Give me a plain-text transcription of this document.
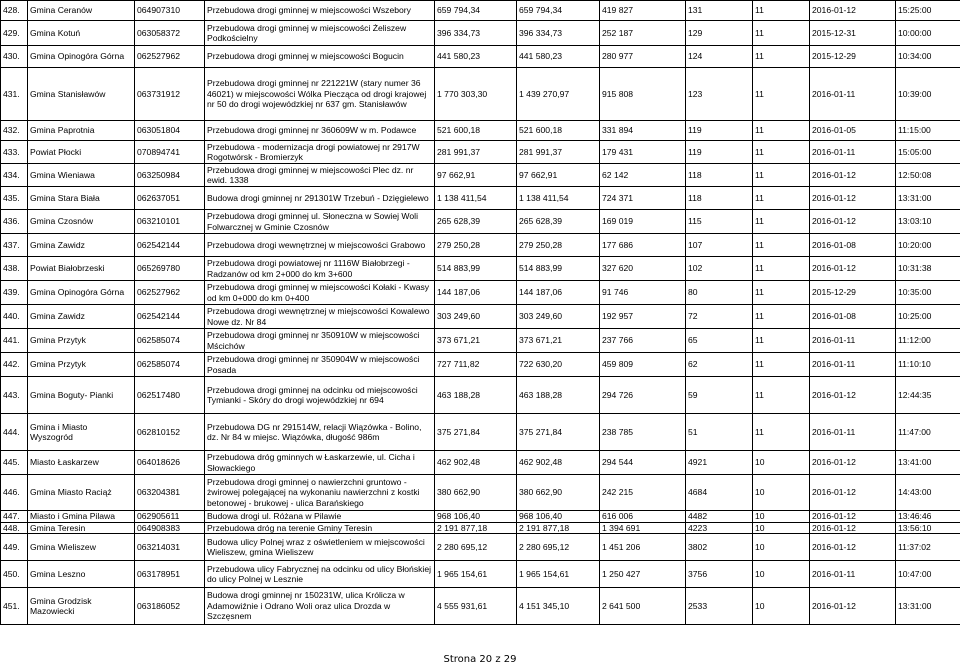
428.	Gmina Ceranów	064907310	Przebudowa drogi gminnej w miejscowości Wszebory	659 794,34	659 794,34	419 827	131	11	2016-01-12	15:25:00
429.	Gmina Kotuń	063058372	Przebudowa drogi gminnej w miejscowości Żeliszew Podkościelny	396 334,73	396 334,73	252 187	129	11	2015-12-31	10:00:00
430.	Gmina Opinogóra Górna	062527962	Przebudowa drogi gminnej w miejscowości Bogucin	441 580,23	441 580,23	280 977	124	11	2015-12-29	10:34:00
431.	Gmina Stanisławów	063731912	Przebudowa drogi gminnej nr 221221W (stary numer 36 46021) w miejscowości Wólka Piecząca od drogi krajowej nr 50 do drogi wojewódzkiej nr 637 gm. Stanisławów	1 770 303,30	1 439 270,97	915 808	123	11	2016-01-11	10:39:00
432.	Gmina Paprotnia	063051804	Przebudowa drogi gminnej nr 360609W w m. Podawce	521 600,18	521 600,18	331 894	119	11	2016-01-05	11:15:00
433.	Powiat Płocki	070894741	Przebudowa - modernizacja drogi powiatowej nr 2917W Rogotwórsk - Bromierzyk	281 991,37	281 991,37	179 431	119	11	2016-01-11	15:05:00
434.	Gmina Wieniawa	063250984	Przebudowa drogi gminnej w miejscowości Plec dz. nr ewid. 1338	97 662,91	97 662,91	62 142	118	11	2016-01-12	12:50:08
435.	Gmina Stara Biała	062637051	Budowa drogi gminnej nr 291301W Trzebuń - Dzięgielewo	1 138 411,54	1 138 411,54	724 371	118	11	2016-01-12	13:31:00
436.	Gmina Czosnów	063210101	Przebudowa drogi gminnej ul. Słoneczna w Sowiej Woli Folwarcznej w Gminie Czosnów	265 628,39	265 628,39	169 019	115	11	2016-01-12	13:03:10
437.	Gmina Zawidz	062542144	Przebudowa drogi wewnętrznej w miejscowości Grabowo	279 250,28	279 250,28	177 686	107	11	2016-01-08	10:20:00
438.	Powiat Białobrzeski	065269780	Przebudowa drogi powiatowej nr 1116W Białobrzegi - Radzanów od km 2+000 do km 3+600	514 883,99	514 883,99	327 620	102	11	2016-01-12	10:31:38
439.	Gmina Opinogóra Górna	062527962	Przebudowa drogi gminnej w miejscowości Kołaki - Kwasy od km 0+000 do km 0+400	144 187,06	144 187,06	91 746	80	11	2015-12-29	10:35:00
440.	Gmina Zawidz	062542144	Przebudowa drogi wewnętrznej w miejscowości Kowalewo Nowe dz. Nr 84	303 249,60	303 249,60	192 957	72	11	2016-01-08	10:25:00
441.	Gmina Przytyk	062585074	Przebudowa drogi gminnej nr 350910W w miejscowości Mścichów	373 671,21	373 671,21	237 766	65	11	2016-01-11	11:12:00
442.	Gmina Przytyk	062585074	Przebudowa drogi gminnej nr 350904W w miejscowości Posada	727 711,82	722 630,20	459 809	62	11	2016-01-11	11:10:10
443.	Gmina Boguty- Pianki	062517480	Przebudowa drogi gminnej na odcinku od miejscowości Tymianki - Skóry do drogi wojewódzkiej nr 694	463 188,28	463 188,28	294 726	59	11	2016-01-12	12:44:35
444.	Gmina i Miasto Wyszogród	062810152	Przebudowa DG nr 291514W, relacji Wiązówka - Bolino, dz. Nr 84 w miejsc. Wiązówka, długość 986m	375 271,84	375 271,84	238 785	51	11	2016-01-11	11:47:00
445.	Miasto Łaskarzew	064018626	Przebudowa dróg gminnych w Łaskarzewie, ul. Cicha i Słowackiego	462 902,48	462 902,48	294 544	4921	10	2016-01-12	13:41:00
446.	Gmina Miasto Raciąż	063204381	Przebudowa drogi gminnej o nawierzchni gruntowo - żwirowej polegającej na wykonaniu nawierzchni z kostki betonowej - brukowej - ulica Barańskiego	380 662,90	380 662,90	242 215	4684	10	2016-01-12	14:43:00
447.	Miasto i Gmina Pilawa	062905611	Budowa drogi ul. Różana w Pilawie	968 106,40	968 106,40	616 006	4482	10	2016-01-12	13:46:46
448.	Gmina Teresin	064908383	Przebudowa dróg na terenie Gminy Teresin	2 191 877,18	2 191 877,18	1 394 691	4223	10	2016-01-12	13:56:10
449.	Gmina Wieliszew	063214031	Budowa ulicy Polnej wraz z oświetleniem w miejscowości Wieliszew, gmina Wieliszew	2 280 695,12	2 280 695,12	1 451 206	3802	10	2016-01-12	11:37:02
450.	Gmina Leszno	063178951	Przebudowa ulicy Fabrycznej na odcinku od ulicy Błońskiej do ulicy Polnej w Lesznie	1 965 154,61	1 965 154,61	1 250 427	3756	10	2016-01-11	10:47:00
451.	Gmina Grodzisk Mazowiecki	063186052	Budowa drogi gminnej nr 150231W, ulica Królicza w Adamowiźnie i Odrano Woli oraz ulica Drozda w Szczęsnem	4 555 931,61	4 151 345,10	2 641 500	2533	10	2016-01-12	13:31:00
Strona 20 z 29
